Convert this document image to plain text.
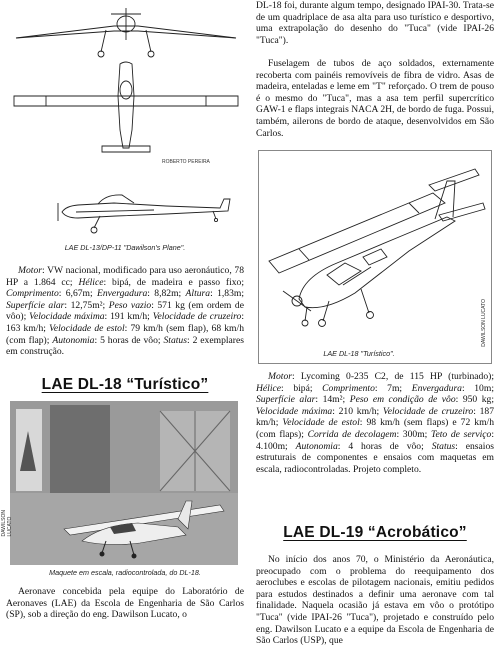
ROBERTO PEREIRA
LAE DL-13/DP-11 "Dawilson's Plane".

Motor: VW nacional, modificado para uso aeronáutico, 78 HP a 1.864 cc; Hélice: bipá, de madeira e passo fixo; Comprimento: 6,67m; Envergadura: 8,82m; Altura: 1,83m; Superfície alar: 12,75m²; Peso vazio: 571 kg (em ordem de vôo); Velocidade máxima: 191 km/h; Velocidade de cruzeiro: 163 km/h; Velocidade de estol: 79 km/h (sem flap), 68 km/h (com flap); Autonomia: 5 horas de vôo; Status: 2 exemplares em construção.

LAE DL-18 “Turístico”
DAWILSON LUCATO
Maquete em escala, radiocontrolada, do DL-18.

Aeronave concebida pela equipe do Laboratório de Aeronaves (LAE) da Escola de Engenharia de São Carlos (SP), sob a direção do eng. Dawilson Lucato, o

DL-18 foi, durante algum tempo, designado IPAI-30. Trata-se de um quadriplace de asa alta para uso turístico e desportivo, uma extrapolação do desenho do "Tuca" (vide IPAI-26 "Tuca").

Fuselagem de tubos de aço soldados, externamente recoberta com painéis removíveis de fibra de vidro. Asas de madeira, enteladas e leme em "T" reforçado. O trem de pouso é o mesmo do "Tuca", mas a asa tem perfil supercrítico GAW-1 e flaps integrais NACA 2H, de bordo de fuga. Possui, também, ailerons de bordo de ataque, desenvolvidos em São Carlos.

LAE DL-18 "Turístico".
DAWILSON LUCATO

Motor: Lycoming 0-235 C2, de 115 HP (turbinado); Hélice: bipá; Comprimento: 7m; Envergadura: 10m; Superfície alar: 14m²; Peso em condição de vôo: 950 kg; Velocidade máxima: 210 km/h; Velocidade de cruzeiro: 187 km/h; Velocidade de estol: 98 km/h (sem flaps) e 72 km/h (com flaps); Corrida de decolagem: 300m; Teto de serviço: 4.100m; Autonomia: 4 horas de vôo; Status: ensaios estruturais de componentes e ensaios com maquetas em escala, radiocontroladas. Projeto completo.

LAE DL-19 “Acrobático”

No início dos anos 70, o Ministério da Aeronáutica, preocupado com o problema do reequipamento dos aeroclubes e escolas de pilotagem nacionais, emitiu pedidos para estudos destinados a definir uma aeronave com tal finalidade. Naquela ocasião já estava em vôo o protótipo "Tuca" (vide IPAI-26 "Tuca"), projetado e construído pelo eng. Dawilson Lucato e a equipe da Escola de Engenharia de São Carlos (USP), que
